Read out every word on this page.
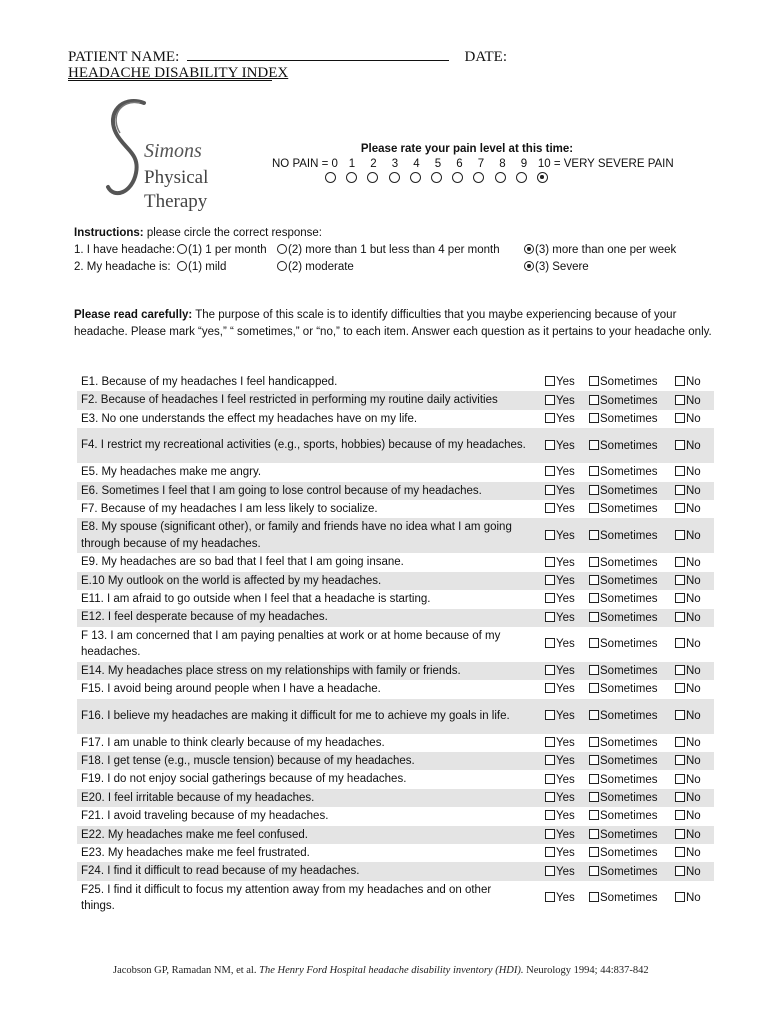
PATIENT NAME:	DATE:
HEADACHE DISABILITY INDEX
Simons
Physical
Therapy
Please rate your pain level at this time:
NO PAIN = 0 1 2 3 4 5 6 7 8 9 10 = VERY SEVERE PAIN
Instructions: please circle the correct response:
1. I have headache:	(1) 1 per month	(2) more than 1 but less than 4 per month	(3) more than one per week
2. My headache is:	(1) mild	(2) moderate	(3) Severe
Please read carefully: The purpose of this scale is to identify difficulties that you maybe experiencing because of your headache. Please mark “yes,” “ sometimes,” or “no,” to each item. Answer each question as it pertains to your headache only.
E1. Because of my headaches I feel handicapped.	Yes	Sometimes	No
F2. Because of headaches I feel restricted in performing my routine daily activities	Yes	Sometimes	No
E3. No one understands the effect my headaches have on my life.	Yes	Sometimes	No
F4. I restrict my recreational activities (e.g., sports, hobbies) because of my headaches.	Yes	Sometimes	No
E5. My headaches make me angry.	Yes	Sometimes	No
E6. Sometimes I feel that I am going to lose control because of my headaches.	Yes	Sometimes	No
F7. Because of my headaches I am less likely to socialize.	Yes	Sometimes	No
E8. My spouse (significant other), or family and friends have no idea what I am going through because of my headaches.
Yes	Sometimes	No
E9. My headaches are so bad that I feel that I am going insane.	Yes	Sometimes	No
E.10 My outlook on the world is affected by my headaches.	Yes	Sometimes	No
E11. I am afraid to go outside when I feel that a headache is starting.	Yes	Sometimes	No
E12. I feel desperate because of my headaches.	Yes	Sometimes	No
F 13. I am concerned that I am paying penalties at work or at home because of my headaches.
Yes	Sometimes	No
E14. My headaches place stress on my relationships with family or friends.	Yes	Sometimes	No
F15. I avoid being around people when I have a headache.	Yes	Sometimes	No
F16. I believe my headaches are making it difficult for me to achieve my goals in life.	Yes	Sometimes	No
F17. I am unable to think clearly because of my headaches.	Yes	Sometimes	No
F18. I get tense (e.g., muscle tension) because of my headaches.	Yes	Sometimes	No
F19. I do not enjoy social gatherings because of my headaches.	Yes	Sometimes	No
E20. I feel irritable because of my headaches.	Yes	Sometimes	No
F21. I avoid traveling because of my headaches.	Yes	Sometimes	No
E22. My headaches make me feel confused.	Yes	Sometimes	No
E23. My headaches make me feel frustrated.	Yes	Sometimes	No
F24. I find it difficult to read because of my headaches.	Yes	Sometimes	No
F25. I find it difficult to focus my attention away from my headaches and on other things.
Yes	Sometimes	No
Jacobson GP, Ramadan NM, et al. The Henry Ford Hospital headache disability inventory (HDI). Neurology 1994; 44:837-842
